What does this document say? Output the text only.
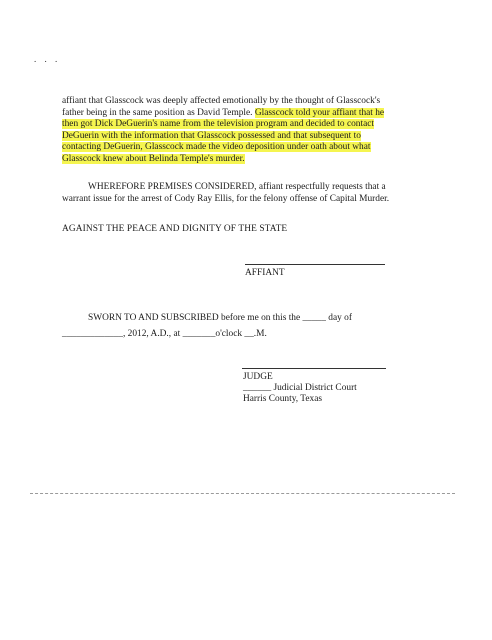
. . .
affiant that Glasscock was deeply affected emotionally by the thought of Glasscock's
father being in the same position as David Temple. Glasscock told your affiant that he
then got Dick DeGuerin's name from the television program and decided to contact
DeGuerin with the information that Glasscock possessed and that subsequent to
contacting DeGuerin, Glasscock made the video deposition under oath about what
Glasscock knew about Belinda Temple's murder.
WHEREFORE PREMISES CONSIDERED, affiant respectfully requests that a
warrant issue for the arrest of Cody Ray Ellis, for the felony offense of Capital Murder.
AGAINST THE PEACE AND DIGNITY OF THE STATE
AFFIANT
SWORN TO AND SUBSCRIBED before me on this the _____ day of
_____________, 2012, A.D., at _______o'clock __.M.
JUDGE
______ Judicial District Court
Harris County, Texas
